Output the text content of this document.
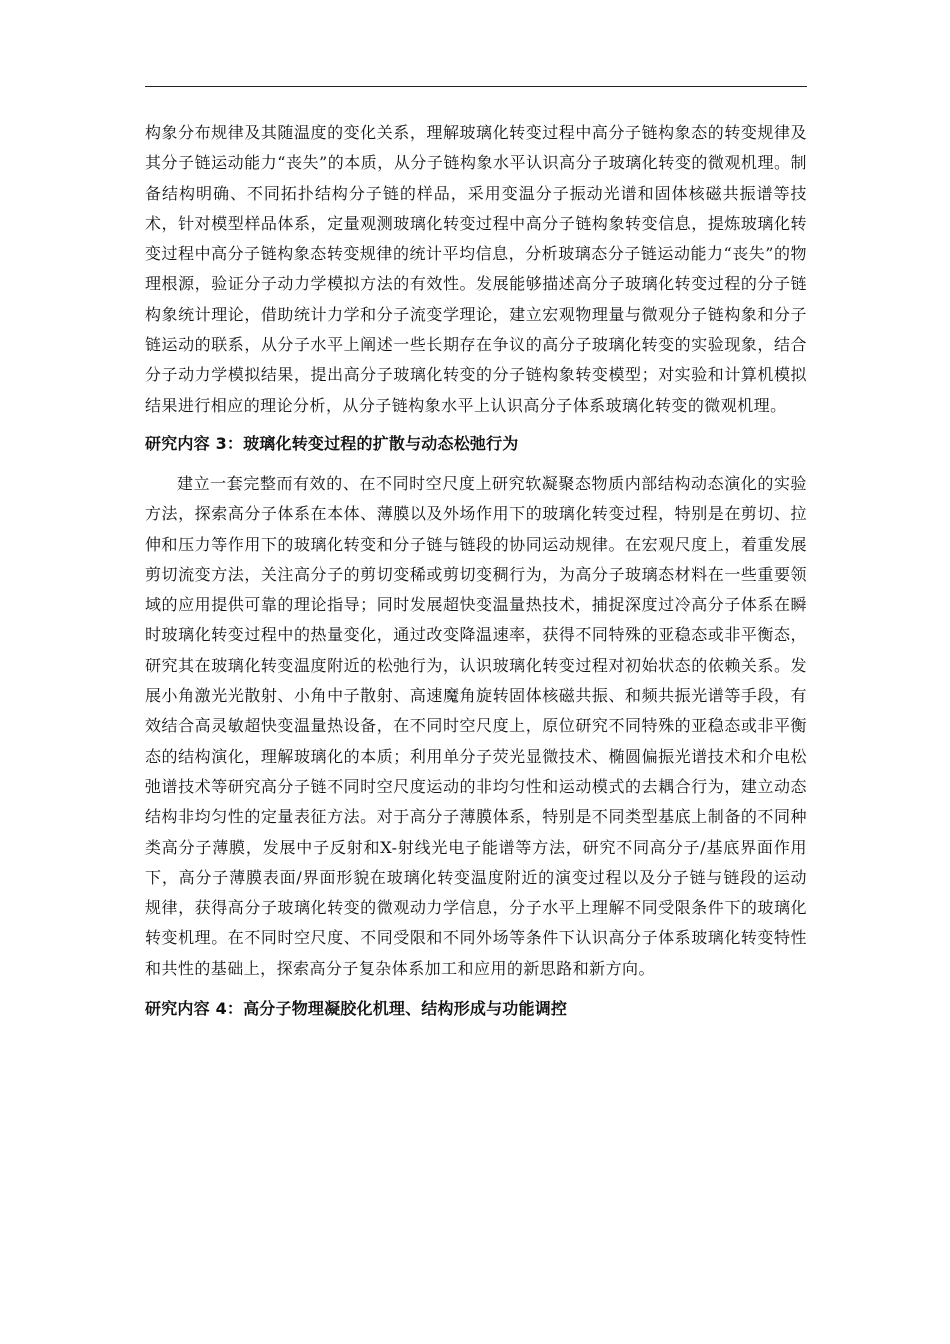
构象分布规律及其随温度的变化关系，理解玻璃化转变过程中高分子链构象态的转变规律及其分子链运动能力“丧失”的本质，从分子链构象水平认识高分子玻璃化转变的微观机理。制备结构明确、不同拓扑结构分子链的样品，采用变温分子振动光谱和固体核磁共振谱等技术，针对模型样品体系，定量观测玻璃化转变过程中高分子链构象转变信息，提炼玻璃化转变过程中高分子链构象态转变规律的统计平均信息，分析玻璃态分子链运动能力“丧失”的物理根源，验证分子动力学模拟方法的有效性。发展能够描述高分子玻璃化转变过程的分子链构象统计理论，借助统计力学和分子流变学理论，建立宏观物理量与微观分子链构象和分子链运动的联系，从分子水平上阐述一些长期存在争议的高分子玻璃化转变的实验现象，结合分子动力学模拟结果，提出高分子玻璃化转变的分子链构象转变模型；对实验和计算机模拟结果进行相应的理论分析，从分子链构象水平上认识高分子体系玻璃化转变的微观机理。

研究内容 3：玻璃化转变过程的扩散与动态松弛行为

建立一套完整而有效的、在不同时空尺度上研究软凝聚态物质内部结构动态演化的实验方法，探索高分子体系在本体、薄膜以及外场作用下的玻璃化转变过程，特别是在剪切、拉伸和压力等作用下的玻璃化转变和分子链与链段的协同运动规律。在宏观尺度上，着重发展剪切流变方法，关注高分子的剪切变稀或剪切变稠行为，为高分子玻璃态材料在一些重要领域的应用提供可靠的理论指导；同时发展超快变温量热技术，捕捉深度过冷高分子体系在瞬时玻璃化转变过程中的热量变化，通过改变降温速率，获得不同特殊的亚稳态或非平衡态，研究其在玻璃化转变温度附近的松弛行为，认识玻璃化转变过程对初始状态的依赖关系。发展小角激光光散射、小角中子散射、高速魔角旋转固体核磁共振、和频共振光谱等手段，有效结合高灵敏超快变温量热设备，在不同时空尺度上，原位研究不同特殊的亚稳态或非平衡态的结构演化，理解玻璃化的本质；利用单分子荧光显微技术、椭圆偏振光谱技术和介电松弛谱技术等研究高分子链不同时空尺度运动的非均匀性和运动模式的去耦合行为，建立动态结构非均匀性的定量表征方法。对于高分子薄膜体系，特别是不同类型基底上制备的不同种类高分子薄膜，发展中子反射和X-射线光电子能谱等方法，研究不同高分子/基底界面作用下，高分子薄膜表面/界面形貌在玻璃化转变温度附近的演变过程以及分子链与链段的运动规律，获得高分子玻璃化转变的微观动力学信息，分子水平上理解不同受限条件下的玻璃化转变机理。在不同时空尺度、不同受限和不同外场等条件下认识高分子体系玻璃化转变特性和共性的基础上，探索高分子复杂体系加工和应用的新思路和新方向。

研究内容 4：高分子物理凝胶化机理、结构形成与功能调控
